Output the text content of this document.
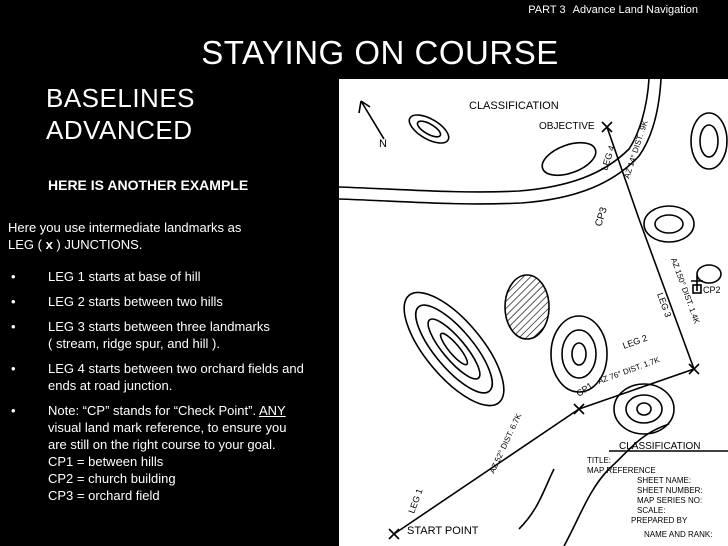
PART 3 Advance Land Navigation
STAYING ON COURSE
BASELINES
ADVANCED
HERE IS ANOTHER EXAMPLE
Here you use intermediate landmarks as
LEG ( x ) JUNCTIONS.
• LEG 1 starts at base of hill
• LEG 2 starts between two hills
• LEG 3 starts between three landmarks
( stream, ridge spur, and hill ).
• LEG 4 starts between two orchard fields and
ends at road junction.
• Note: “CP” stands for “Check Point”. ANY
visual land mark reference, to ensure you
are still on the right course to your goal.
CP1 = between hills
CP2 = church building
CP3 = orchard field
CLASSIFICATION
OBJECTIVE
N
LEG 4 AZ 14° DIST. .9K
CP3
LEG 3
AZ 150° DIST. 1.4K CP2
LEG 2
AZ 76° DIST. 1.7K
CP1
LEG 1
AZ 52° DIST. 6.7K
START POINT
CLASSIFICATION
TITLE:
MAP REFERENCE
SHEET NAME:
SHEET NUMBER:
MAP SERIES NO:
SCALE:
PREPARED BY
NAME AND RANK:
